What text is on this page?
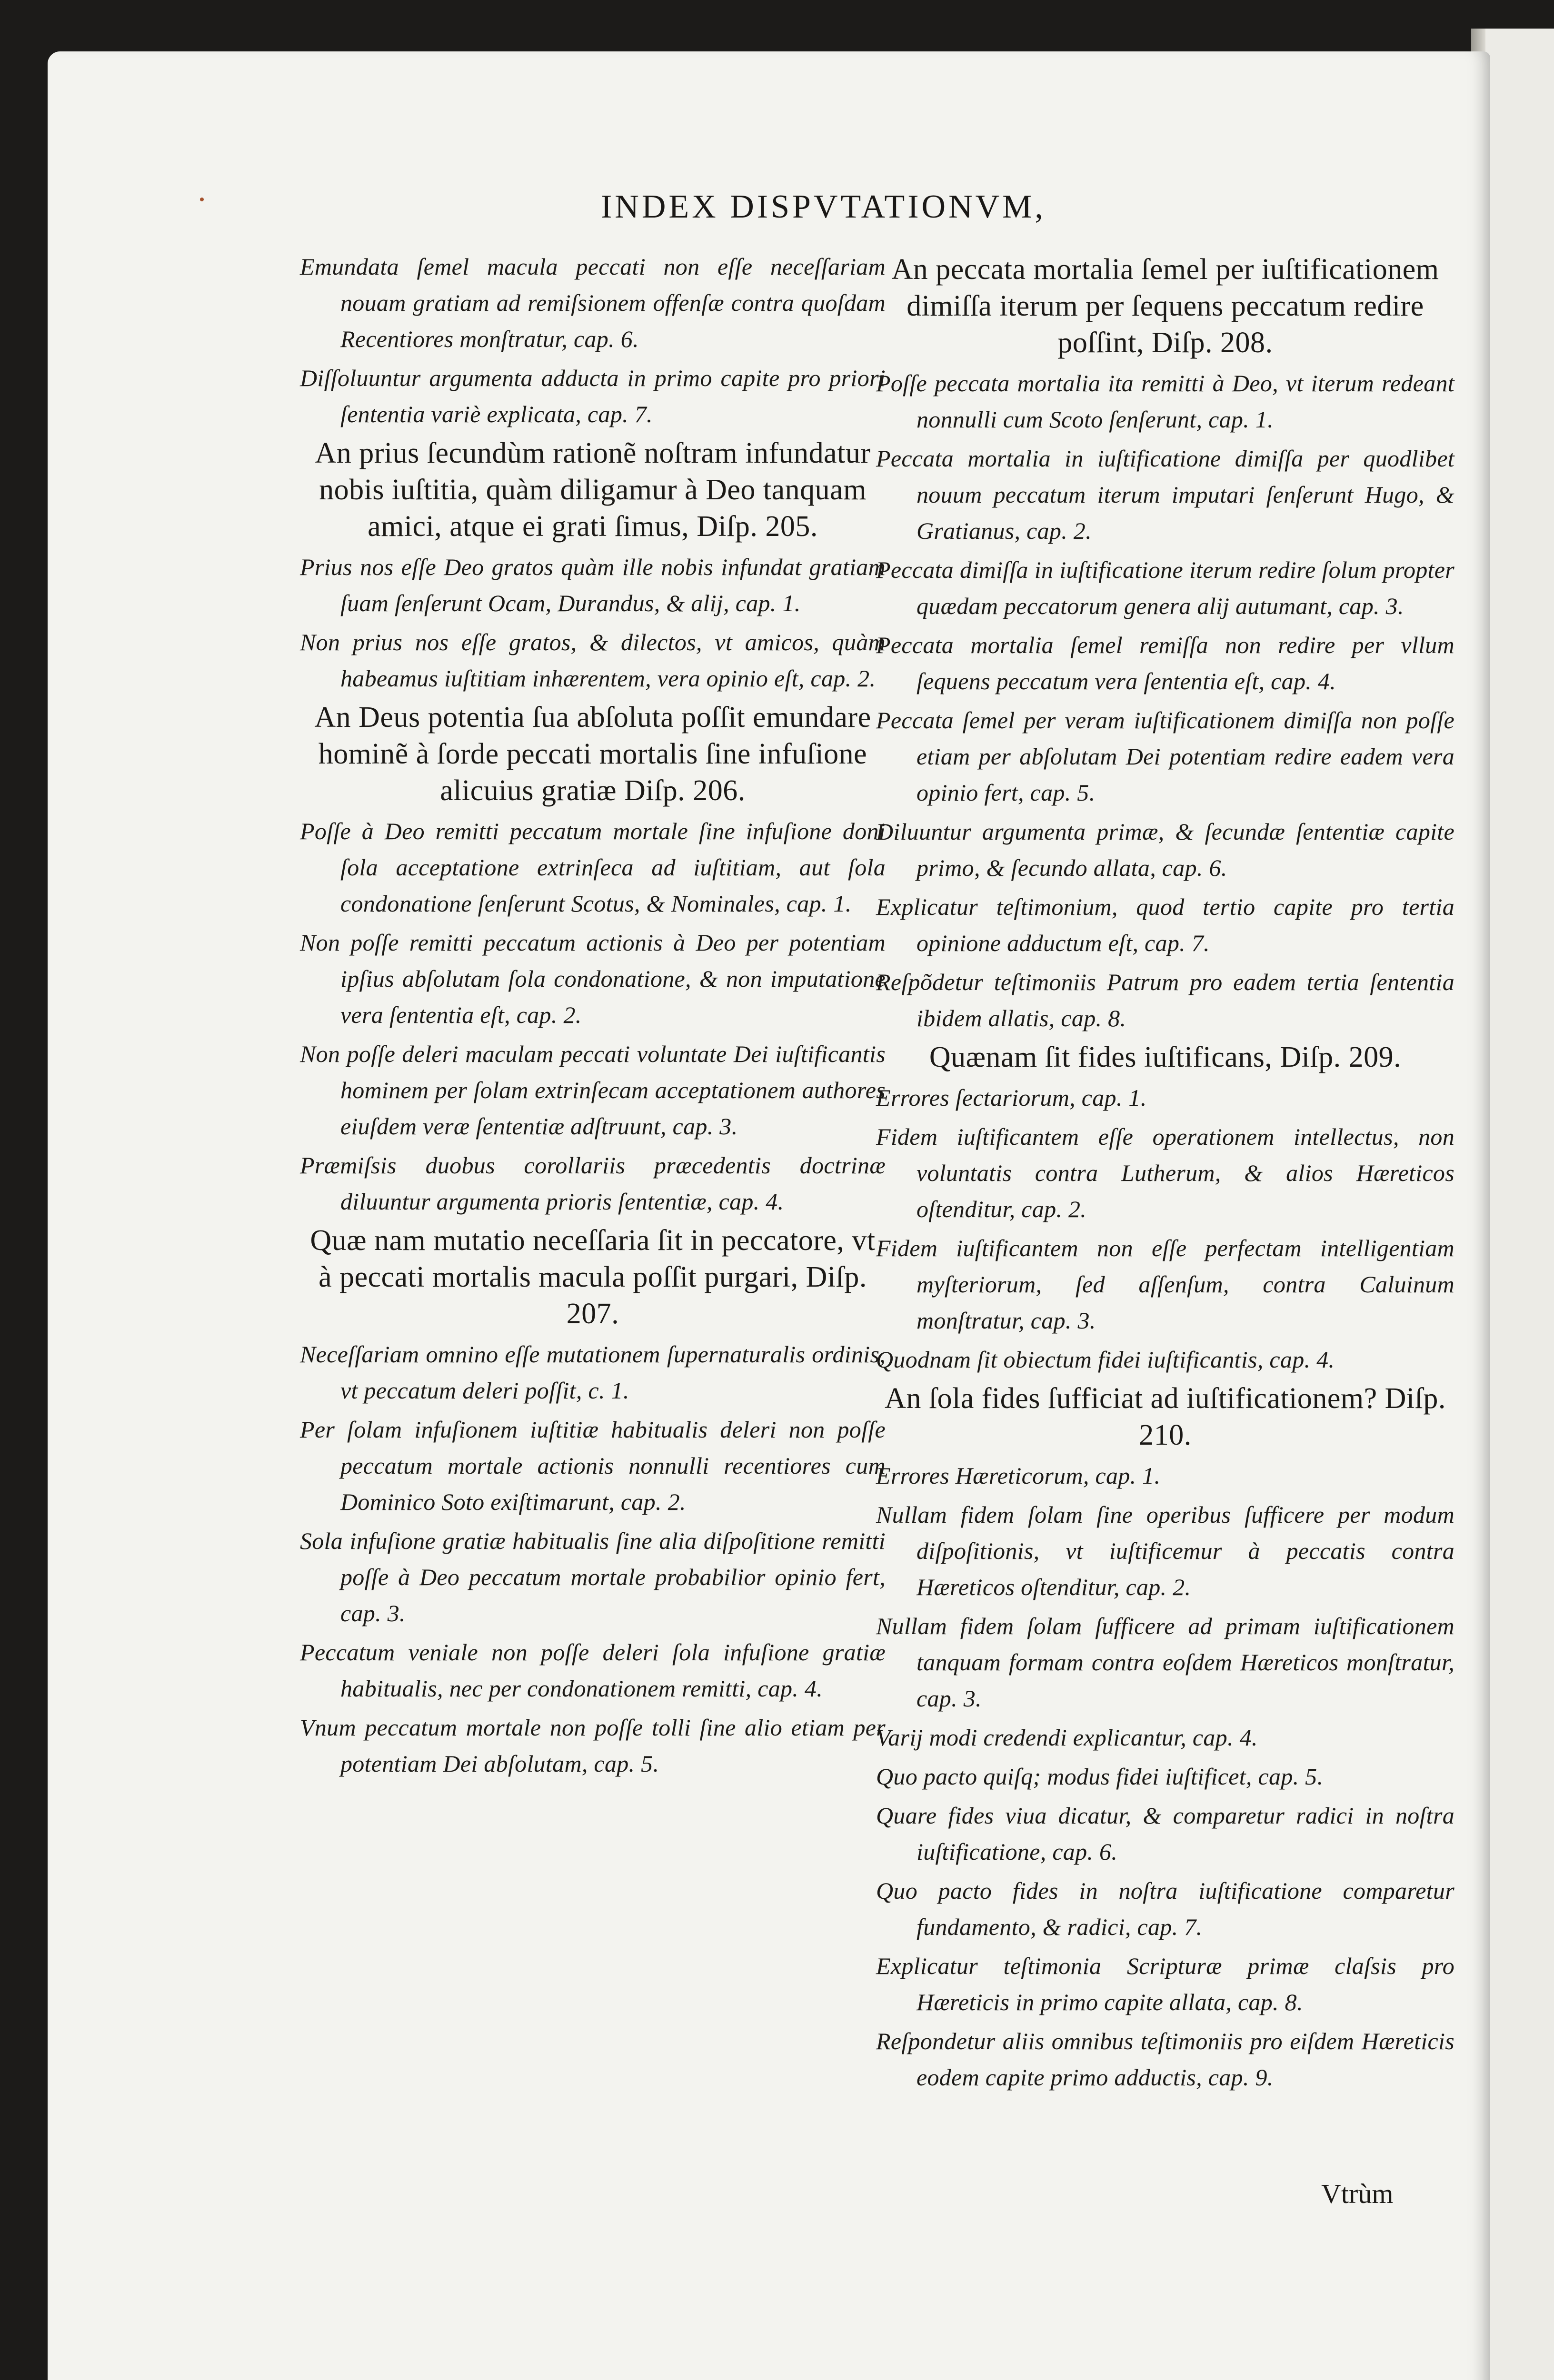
INDEX DISPVTATIONVM,
Emundata ſemel macula peccati non eſſe neceſſariam nouam gratiam ad remiſsionem offenſæ contra quoſdam Recentiores monſtratur, cap. 6.
Diſſoluuntur argumenta adducta in primo capite pro priori ſententia variè explicata, cap. 7.
An prius ſecundùm rationẽ noſtram infundatur nobis iuſtitia, quàm diligamur à Deo tanquam amici, atque ei grati ſimus, Diſp. 205.
Prius nos eſſe Deo gratos quàm ille nobis infundat gratiam ſuam ſenſerunt Ocam, Durandus, & alij, cap. 1.
Non prius nos eſſe gratos, & dilectos, vt amicos, quàm habeamus iuſtitiam inhærentem, vera opinio eſt, cap. 2.
An Deus potentia ſua abſoluta poſſit emundare hominẽ à ſorde peccati mortalis ſine infuſione alicuius gratiæ Diſp. 206.
Poſſe à Deo remitti peccatum mortale ſine infuſione doni ſola acceptatione extrinſeca ad iuſtitiam, aut ſola condonatione ſenſerunt Scotus, & Nominales, cap. 1.
Non poſſe remitti peccatum actionis à Deo per potentiam ipſius abſolutam ſola condonatione, & non imputatione vera ſententia eſt, cap. 2.
Non poſſe deleri maculam peccati voluntate Dei iuſtificantis hominem per ſolam extrinſecam acceptationem authores eiuſdem veræ ſententiæ adſtruunt, cap. 3.
Præmiſsis duobus corollariis præcedentis doctrinæ diluuntur argumenta prioris ſententiæ, cap. 4.
Quæ nam mutatio neceſſaria ſit in peccatore, vt à peccati mortalis macula poſſit purgari, Diſp. 207.
Neceſſariam omnino eſſe mutationem ſupernaturalis ordinis, vt peccatum deleri poſſit, c. 1.
Per ſolam infuſionem iuſtitiæ habitualis deleri non poſſe peccatum mortale actionis nonnulli recentiores cum Dominico Soto exiſtimarunt, cap. 2.
Sola infuſione gratiæ habitualis ſine alia diſpoſitione remitti poſſe à Deo peccatum mortale probabilior opinio fert, cap. 3.
Peccatum veniale non poſſe deleri ſola infuſione gratiæ habitualis, nec per condonationem remitti, cap. 4.
Vnum peccatum mortale non poſſe tolli ſine alio etiam per potentiam Dei abſolutam, cap. 5.
An peccata mortalia ſemel per iuſtificationem dimiſſa iterum per ſequens peccatum redire poſſint, Diſp. 208.
Poſſe peccata mortalia ita remitti à Deo, vt iterum redeant nonnulli cum Scoto ſenſerunt, cap. 1.
Peccata mortalia in iuſtificatione dimiſſa per quodlibet nouum peccatum iterum imputari ſenſerunt Hugo, & Gratianus, cap. 2.
Peccata dimiſſa in iuſtificatione iterum redire ſolum propter quædam peccatorum genera alij autumant, cap. 3.
Peccata mortalia ſemel remiſſa non redire per vllum ſequens peccatum vera ſententia eſt, cap. 4.
Peccata ſemel per veram iuſtificationem dimiſſa non poſſe etiam per abſolutam Dei potentiam redire eadem vera opinio fert, cap. 5.
Diluuntur argumenta primæ, & ſecundæ ſententiæ capite primo, & ſecundo allata, cap. 6.
Explicatur teſtimonium, quod tertio capite pro tertia opinione adductum eſt, cap. 7.
Reſpõdetur teſtimoniis Patrum pro eadem tertia ſententia ibidem allatis, cap. 8.
Quænam ſit fides iuſtificans, Diſp. 209.
Errores ſectariorum, cap. 1.
Fidem iuſtificantem eſſe operationem intellectus, non voluntatis contra Lutherum, & alios Hæreticos oſtenditur, cap. 2.
Fidem iuſtificantem non eſſe perfectam intelligentiam myſteriorum, ſed aſſenſum, contra Caluinum monſtratur, cap. 3.
Quodnam ſit obiectum fidei iuſtificantis, cap. 4.
An ſola fides ſufficiat ad iuſtificationem? Diſp. 210.
Errores Hæreticorum, cap. 1.
Nullam fidem ſolam ſine operibus ſufficere per modum diſpoſitionis, vt iuſtificemur à peccatis contra Hæreticos oſtenditur, cap. 2.
Nullam fidem ſolam ſufficere ad primam iuſtificationem tanquam formam contra eoſdem Hæreticos monſtratur, cap. 3.
Varij modi credendi explicantur, cap. 4.
Quo pacto quiſq; modus fidei iuſtificet, cap. 5.
Quare fides viua dicatur, & comparetur radici in noſtra iuſtificatione, cap. 6.
Quo pacto fides in noſtra iuſtificatione comparetur fundamento, & radici, cap. 7.
Explicatur teſtimonia Scripturæ primæ claſsis pro Hæreticis in primo capite allata, cap. 8.
Reſpondetur aliis omnibus teſtimoniis pro eiſdem Hæreticis eodem capite primo adductis, cap. 9.
Vtrùm
